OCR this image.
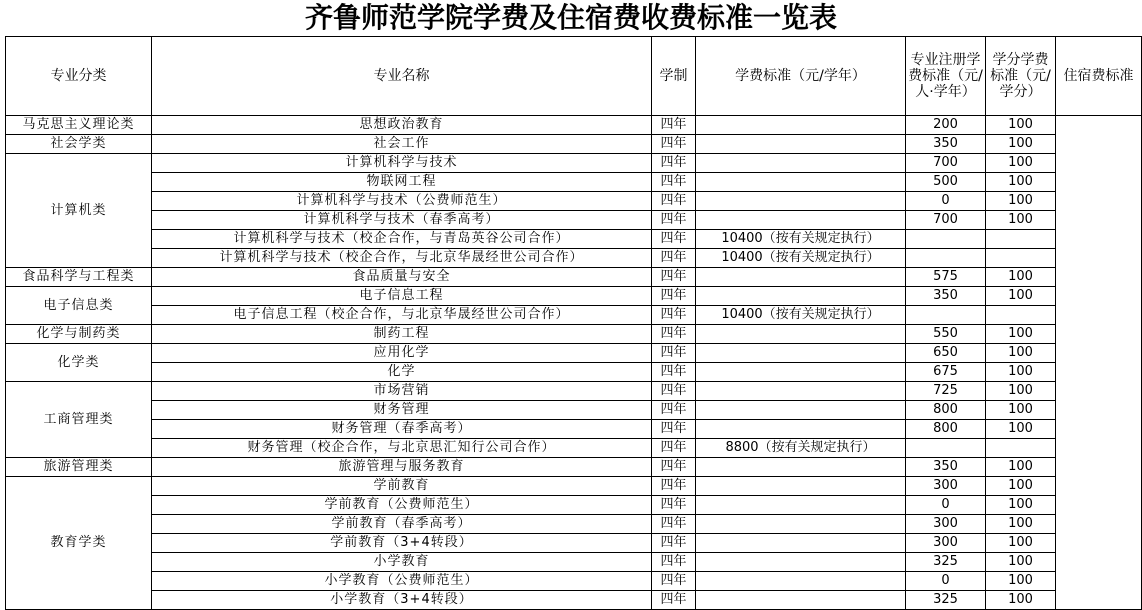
齐鲁师范学院学费及住宿费收费标准一览表
专业分类	专业名称	学制	学费标准（元/学年）	专业注册学费标准（元/人·学年）	学分学费标准（元/学分）	住宿费标准
马克思主义理论类	思想政治教育	四年		200	100	
社会学类	社会工作	四年		350	100	
计算机类	计算机科学与技术	四年		700	100	
	物联网工程	四年		500	100	
	计算机科学与技术（公费师范生）	四年		0	100	
	计算机科学与技术（春季高考）	四年		700	100	
	计算机科学与技术（校企合作，与青岛英谷公司合作）	四年	10400（按有关规定执行）			
	计算机科学与技术（校企合作，与北京华晟经世公司合作）	四年	10400（按有关规定执行）			
食品科学与工程类	食品质量与安全	四年		575	100	
电子信息类	电子信息工程	四年		350	100	
	电子信息工程（校企合作，与北京华晟经世公司合作）	四年	10400（按有关规定执行）			
化学与制药类	制药工程	四年		550	100	
化学类	应用化学	四年		650	100	
	化学	四年		675	100	
工商管理类	市场营销	四年		725	100	
	财务管理	四年		800	100	
	财务管理（春季高考）	四年		800	100	
	财务管理（校企合作，与北京思汇知行公司合作）	四年	8800（按有关规定执行）			
旅游管理类	旅游管理与服务教育	四年		350	100	
教育学类	学前教育	四年		300	100	
	学前教育（公费师范生）	四年		0	100	
	学前教育（春季高考）	四年		300	100	
	学前教育（3+4转段）	四年		300	100	
	小学教育	四年		325	100	
	小学教育（公费师范生）	四年		0	100	
	小学教育（3+4转段）	四年		325	100	
